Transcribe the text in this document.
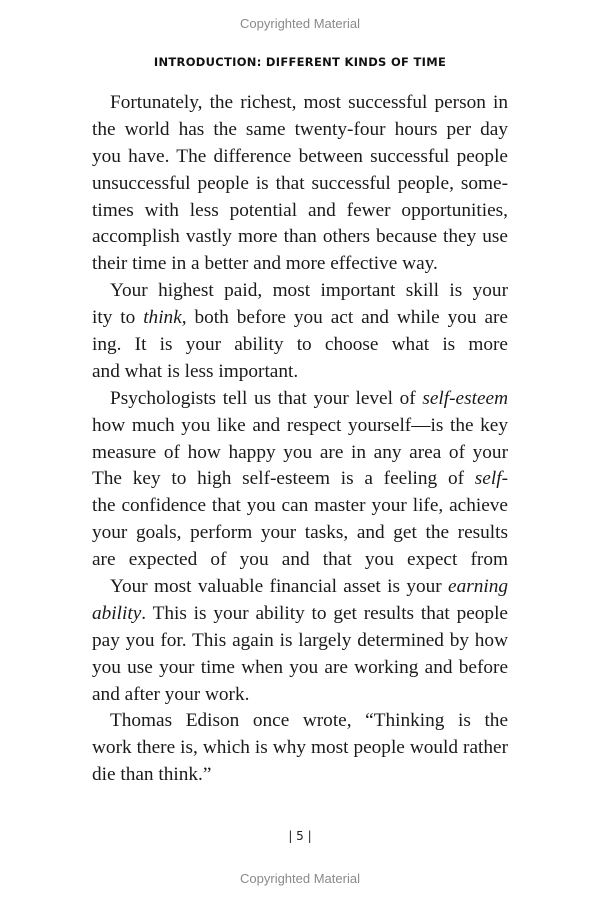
Copyrighted Material
INTRODUCTION: DIFFERENT KINDS OF TIME
Fortunately, the richest, most successful person in
the world has the same twenty-four hours per day
you have. The difference between successful people
unsuccessful people is that successful people, some-
times with less potential and fewer opportunities,
accomplish vastly more than others because they use
their time in a better and more effective way.
Your highest paid, most important skill is your
ity to think, both before you act and while you are
ing. It is your ability to choose what is more
and what is less important.
Psychologists tell us that your level of self-esteem
how much you like and respect yourself—is the key
measure of how happy you are in any area of your
The key to high self-esteem is a feeling of self-
the confidence that you can master your life, achieve
your goals, perform your tasks, and get the results
are expected of you and that you expect from
Your most valuable financial asset is your earning
ability. This is your ability to get results that people
pay you for. This again is largely determined by how
you use your time when you are working and before
and after your work.
Thomas Edison once wrote, “Thinking is the
work there is, which is why most people would rather
die than think.”
| 5 |
Copyrighted Material
